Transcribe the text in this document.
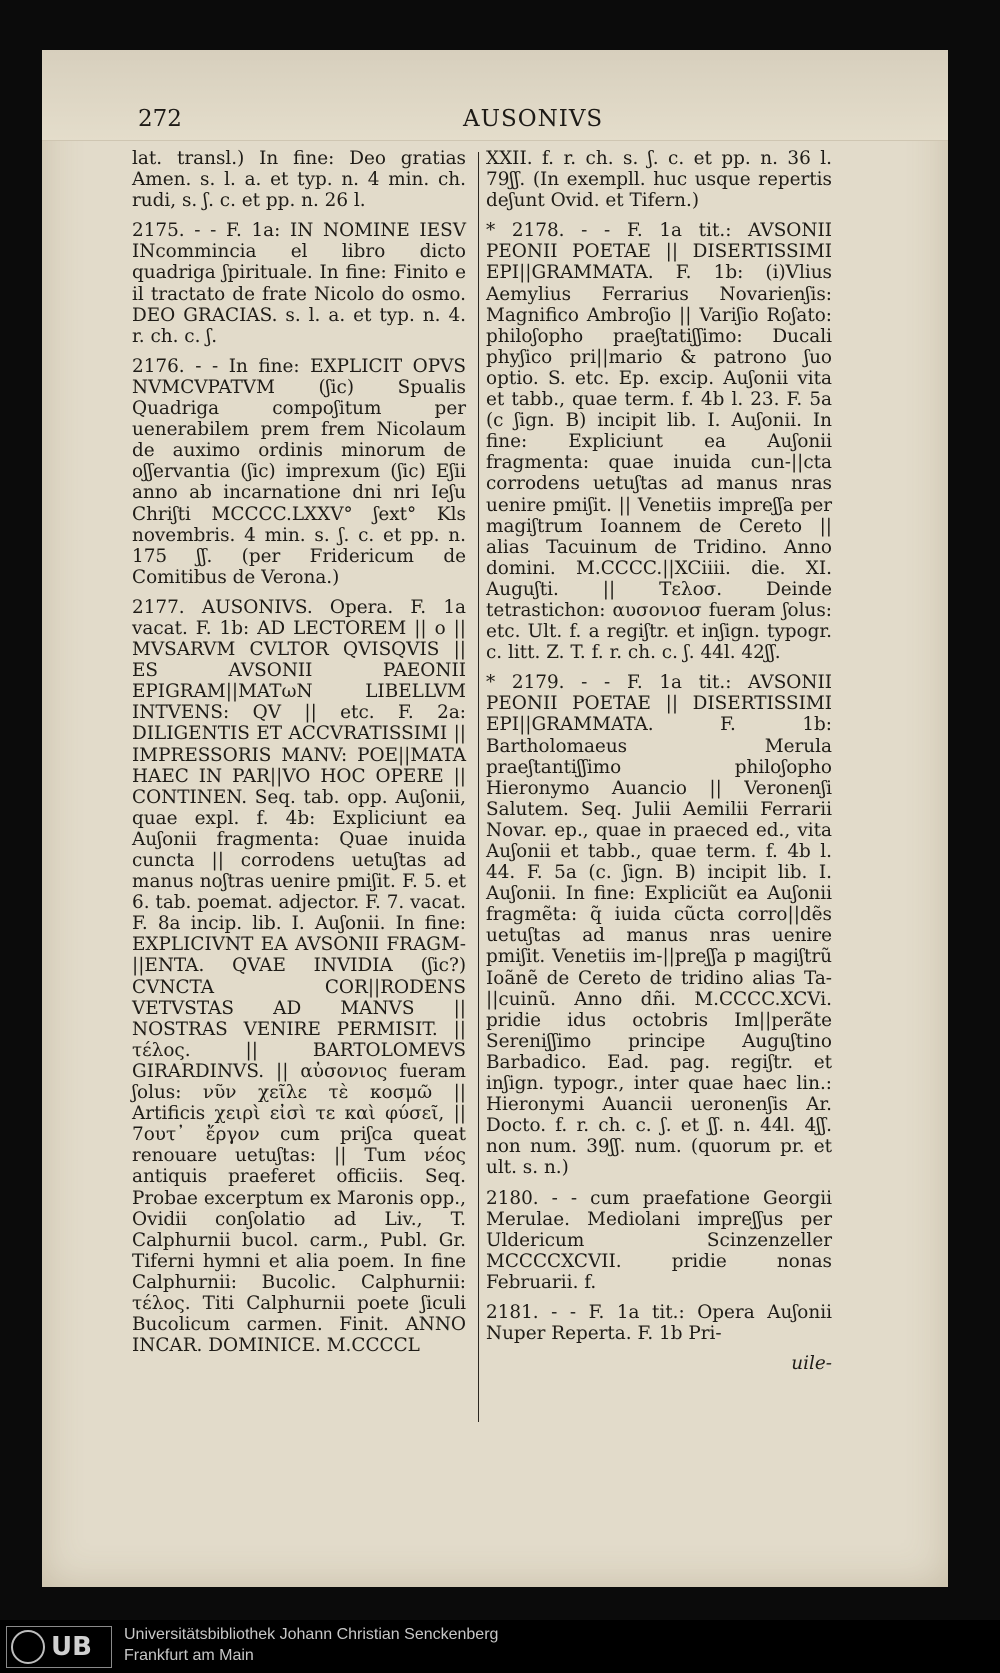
272	AUSONIVS

lat. transl.) In fine: Deo gratias Amen. s. l. a. et typ. n. 4 min. ch. rudi, s. ʃ. c. et pp. n. 26 l.

2175. - - F. 1a: IN NOMINE IESV INcommincia el libro dicto quadriga ʃpirituale. In fine: Finito e il tractato de frate Nicolo do osmo. DEO GRACIAS. s. l. a. et typ. n. 4. r. ch. c. ʃ.

2176. - - In fine: EXPLICIT OPVS NVMCVPATVM (ʃic) Spualis Quadriga compoʃitum per uenerabilem prem frem Nicolaum de auximo ordinis minorum de oʃʃervantia (ʃic) imprexum (ʃic) Eʃii anno ab incarnatione dni nri Ieʃu Chriʃti MCCCC.LXXV° ʃext° Kls novembris. 4 min. s. ʃ. c. et pp. n. 175 ʃʃ. (per Fridericum de Comitibus de Verona.)

2177. AUSONIVS. Opera. F. 1a vacat. F. 1b: AD LECTOREM || o || MVSARVM CVLTOR QVISQVIS || ES AVSONII PAEONII EPIGRAM||MATωN LIBELLVM INTVENS: QV || etc. F. 2a: DILIGENTIS ET ACCVRATISSIMI || IMPRESSORIS MANV: POE||MATA HAEC IN PAR||VO HOC OPERE || CONTINEN. Seq. tab. opp. Auʃonii, quae expl. f. 4b: Expliciunt ea Auʃonii fragmenta: Quae inuida cuncta || corrodens uetuʃtas ad manus noʃtras uenire pmiʃit. F. 5. et 6. tab. poemat. adjector. F. 7. vacat. F. 8a incip. lib. I. Auʃonii. In fine: EXPLICIVNT EA AVSONII FRAGM-||ENTA. QVAE INVIDIA (ʃic?) CVNCTA COR||RODENS VETVSTAS AD MANVS || NOSTRAS VENIRE PERMISIT. || τέλος. || BARTOLOMEVS GIRARDINVS. || αὐσονιος fueram ʃolus: νῦν χεῖλε τὲ κοσμῶ || Artificis χειρὶ εἰσὶ τε καὶ φύσεῖ, || 7ουτ᾽ ἔργον cum priʃca queat renouare uetuʃtas: || Tum νέος antiquis praeferet officiis. Seq. Probae excerptum ex Maronis opp., Ovidii conʃolatio ad Liv., T. Calphurnii bucol. carm., Publ. Gr. Tiferni hymni et alia poem. In fine Calphurnii: Bucolic. Calphurnii: τέλος. Titi Calphurnii poete ʃiculi Bucolicum carmen. Finit. ANNO INCAR. DOMINICE. M.CCCCL

XXII. f. r. ch. s. ʃ. c. et pp. n. 36 l. 79ʃʃ. (In exempll. huc usque repertis deʃunt Ovid. et Tifern.)

* 2178. - - F. 1a tit.: AVSONII PEONII POETAE || DISERTISSIMI EPI||GRAMMATA. F. 1b: (i)Vlius Aemylius Ferrarius Novarienʃis: Magnifico Ambroʃio || Variʃio Roʃato: philoʃopho praeʃtatiʃʃimo: Ducali phyʃico pri||mario & patrono ʃuo optio. S. etc. Ep. excip. Auʃonii vita et tabb., quae term. f. 4b l. 23. F. 5a (c ʃign. B) incipit lib. I. Auʃonii. In fine: Expliciunt ea Auʃonii fragmenta: quae inuida cun-||cta corrodens uetuʃtas ad manus nras uenire pmiʃit. || Venetiis impreʃʃa per magiʃtrum Ioannem de Cereto || alias Tacuinum de Tridino. Anno domini. M.CCCC.||XCiiii. die. XI. Auguʃti. || Τελοσ. Deinde tetrastichon: αυσονιοσ fueram ʃolus: etc. Ult. f. a regiʃtr. et inʃign. typogr. c. litt. Z. T. f. r. ch. c. ʃ. 44l. 42ʃʃ.

* 2179. - - F. 1a tit.: AVSONII PEONII POETAE || DISERTISSIMI EPI||GRAMMATA. F. 1b: Bartholomaeus Merula praeʃtantiʃʃimo philoʃopho Hieronymo Auancio || Veronenʃi Salutem. Seq. Julii Aemilii Ferrarii Novar. ep., quae in praeced ed., vita Auʃonii et tabb., quae term. f. 4b l. 44. F. 5a (c. ʃign. B) incipit lib. I. Auʃonii. In fine: Expliciũt ea Auʃonii fragmẽta: q̃ iuida cũcta corro||dẽs uetuʃtas ad manus nras uenire pmiʃit. Venetiis im-||preʃʃa p magiʃtrũ Ioãnẽ de Cereto de tridino alias Ta-||cuinũ. Anno dñi. M.CCCC.XCVi. pridie idus octobris Im||perãte Sereniʃʃimo principe Auguʃtino Barbadico. Ead. pag. regiʃtr. et inʃign. typogr., inter quae haec lin.: Hieronymi Auancii ueronenʃis Ar. Docto. f. r. ch. c. ʃ. et ʃʃ. n. 44l. 4ʃʃ. non num. 39ʃʃ. num. (quorum pr. et ult. s. n.)

2180. - - cum praefatione Georgii Merulae. Mediolani impreʃʃus per Uldericum Scinzenzeller MCCCCXCVII. pridie nonas Februarii. f.

2181. - - F. 1a tit.: Opera Auʃonii Nuper Reperta. F. 1b Pri-

uile-

UB Universitätsbibliothek Johann Christian Senckenberg
Frankfurt am Main
